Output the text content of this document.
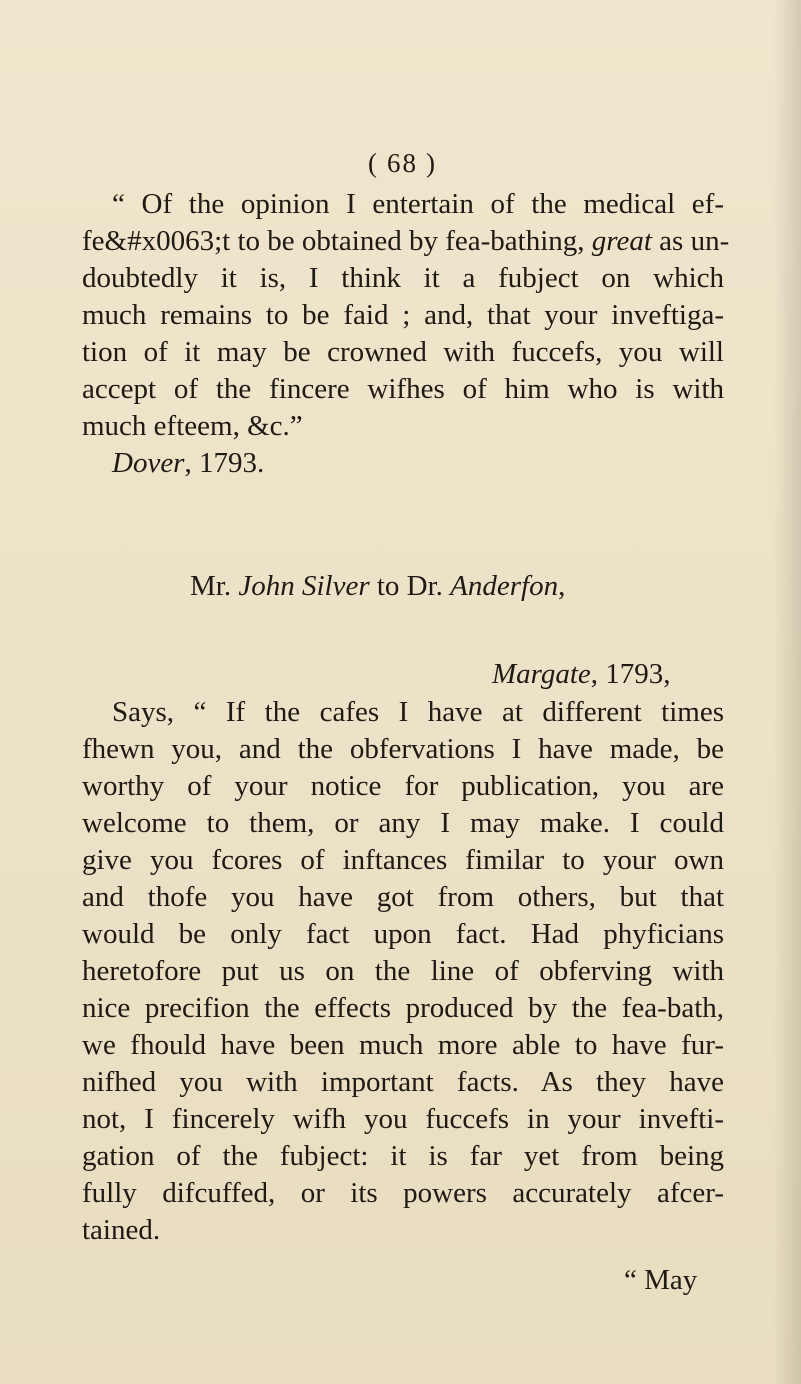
( 68 )
“ Of the opinion I entertain of the medical ef-
fe&#x0063;t to be obtained by fea-bathing, great as un-
doubtedly it is, I think it a fubject on which
much remains to be faid ; and, that your inveftiga-
tion of it may be crowned with fuccefs, you will
accept of the fincere wifhes of him who is with
much efteem, &c.”
Dover, 1793.
Mr. John Silver to Dr. Anderfon,
Margate, 1793,
Says, “ If the cafes I have at different times
fhewn you, and the obfervations I have made, be
worthy of your notice for publication, you are
welcome to them, or any I may make. I could
give you fcores of inftances fimilar to your own
and thofe you have got from others, but that
would be only fact upon fact. Had phyficians
heretofore put us on the line of obferving with
nice precifion the effects produced by the fea-bath,
we fhould have been much more able to have fur-
nifhed you with important facts. As they have
not, I fincerely wifh you fuccefs in your invefti-
gation of the fubject: it is far yet from being
fully difcuffed, or its powers accurately afcer-
tained.
“ May
